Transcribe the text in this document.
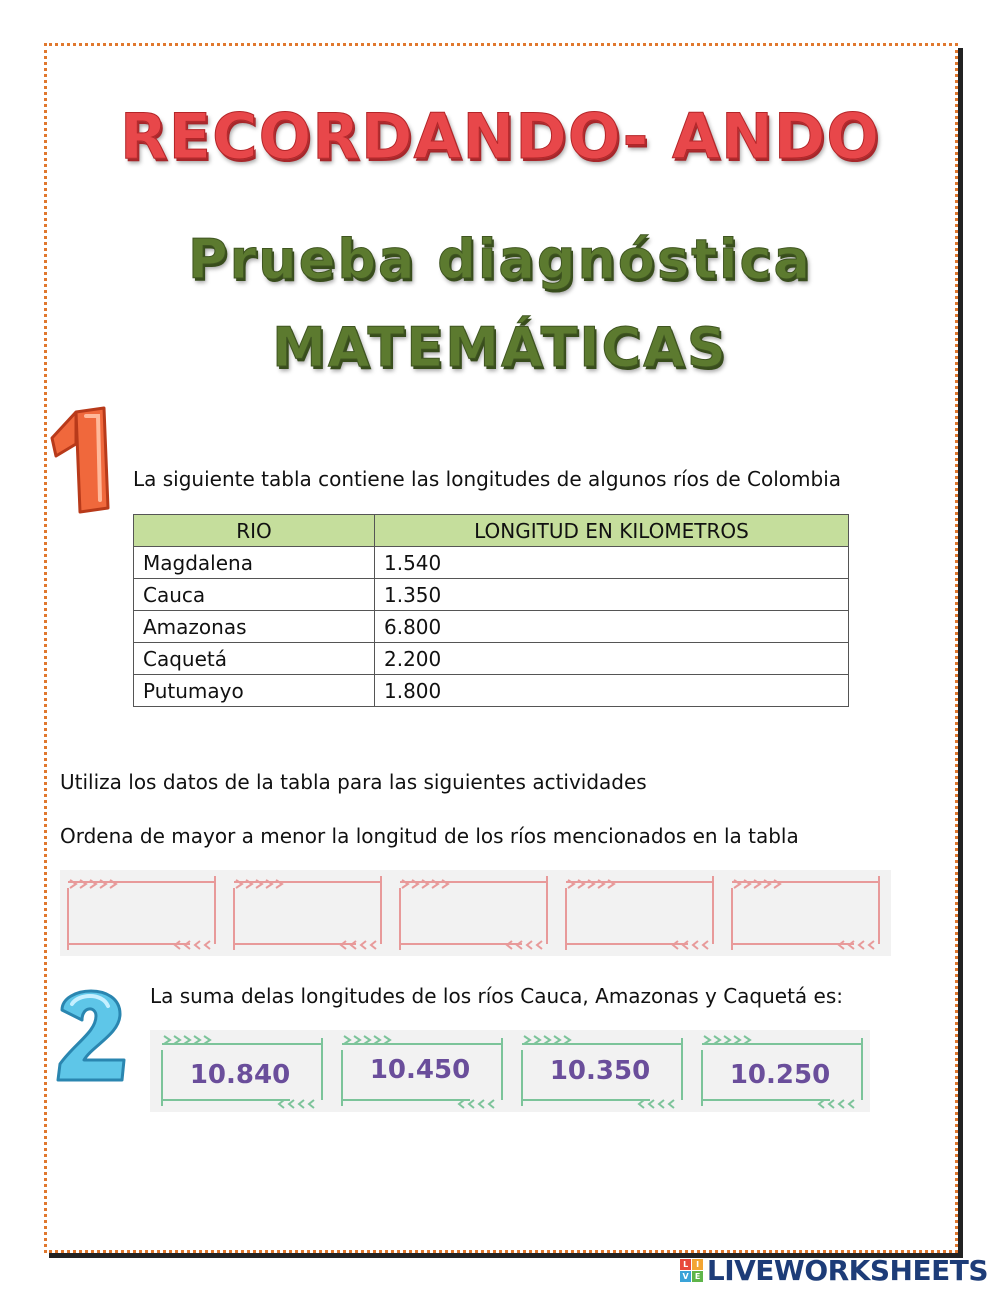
RECORDANDO- ANDO
Prueba diagnóstica
MATEMÁTICAS
La siguiente tabla contiene las longitudes de algunos ríos de Colombia
RIO	LONGITUD EN KILOMETROS
Magdalena	1.540
Cauca	1.350
Amazonas	6.800
Caquetá	2.200
Putumayo	1.800
Utiliza los datos de la tabla para las siguientes actividades
Ordena de mayor a menor la longitud de los ríos mencionados en la tabla
La suma delas longitudes de los ríos Cauca, Amazonas y Caquetá es:
10.840	10.450	10.350	10.250
L	I
V E LIVEWORKSHEETS
